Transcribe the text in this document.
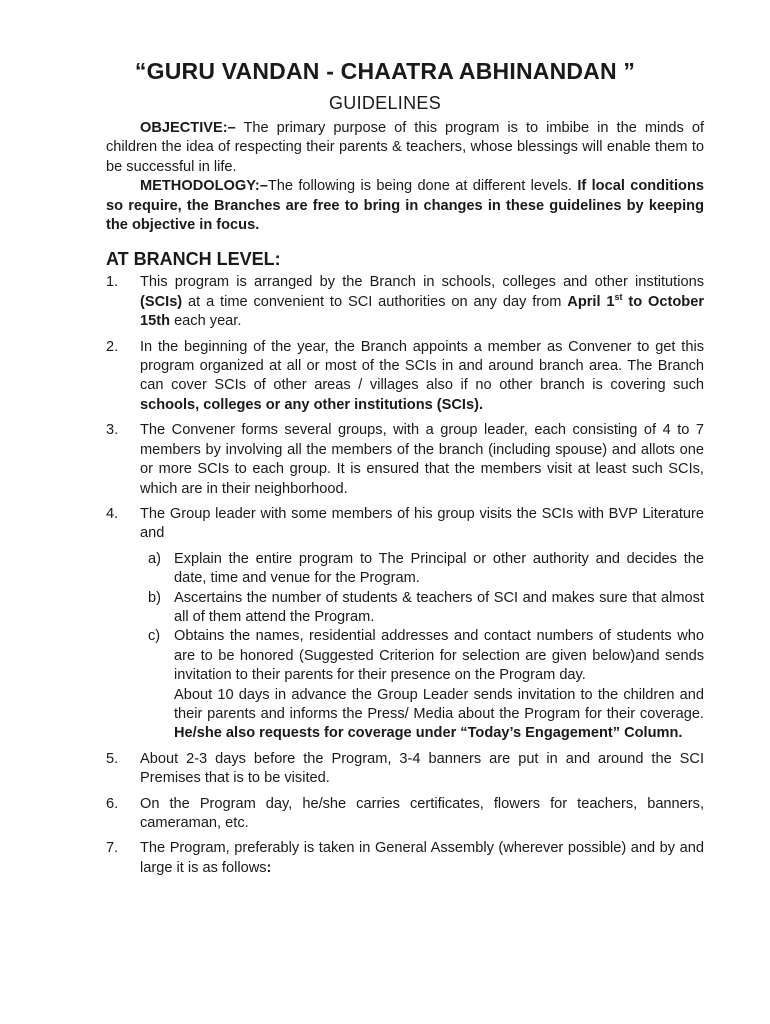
“GURU VANDAN - CHAATRA ABHINANDAN ”
GUIDELINES

OBJECTIVE:– The primary purpose of this program is to imbibe in the minds of children the idea of respecting their parents & teachers, whose blessings will enable them to be successful in life.

METHODOLOGY:–The following is being done at different levels. If local conditions so require, the Branches are free to bring in changes in these guidelines by keeping the objective in focus.

AT BRANCH LEVEL:
1. This program is arranged by the Branch in schools, colleges and other institutions (SCIs) at a time convenient to SCI authorities on any day from April 1st to October 15th each year.
2. In the beginning of the year, the Branch appoints a member as Convener to get this program organized at all or most of the SCIs in and around branch area. The Branch can cover SCIs of other areas / villages also if no other branch is covering such schools, colleges or any other institutions (SCIs).
3. The Convener forms several groups, with a group leader, each consisting of 4 to 7 members by involving all the members of the branch (including spouse) and allots one or more SCIs to each group. It is ensured that the members visit at least such SCIs, which are in their neighborhood.
4. The Group leader with some members of his group visits the SCIs with BVP Literature and
a) Explain the entire program to The Principal or other authority and decides the date, time and venue for the Program.
b) Ascertains the number of students & teachers of SCI and makes sure that almost all of them attend the Program.
c) Obtains the names, residential addresses and contact numbers of students who are to be honored (Suggested Criterion for selection are given below)and sends invitation to their parents for their presence on the Program day.
About 10 days in advance the Group Leader sends invitation to the children and their parents and informs the Press/ Media about the Program for their coverage. He/she also requests for coverage under “Today’s Engagement” Column.
5. About 2-3 days before the Program, 3-4 banners are put in and around the SCI Premises that is to be visited.
6. On the Program day, he/she carries certificates, flowers for teachers, banners, cameraman, etc.
7. The Program, preferably is taken in General Assembly (wherever possible) and by and large it is as follows:
